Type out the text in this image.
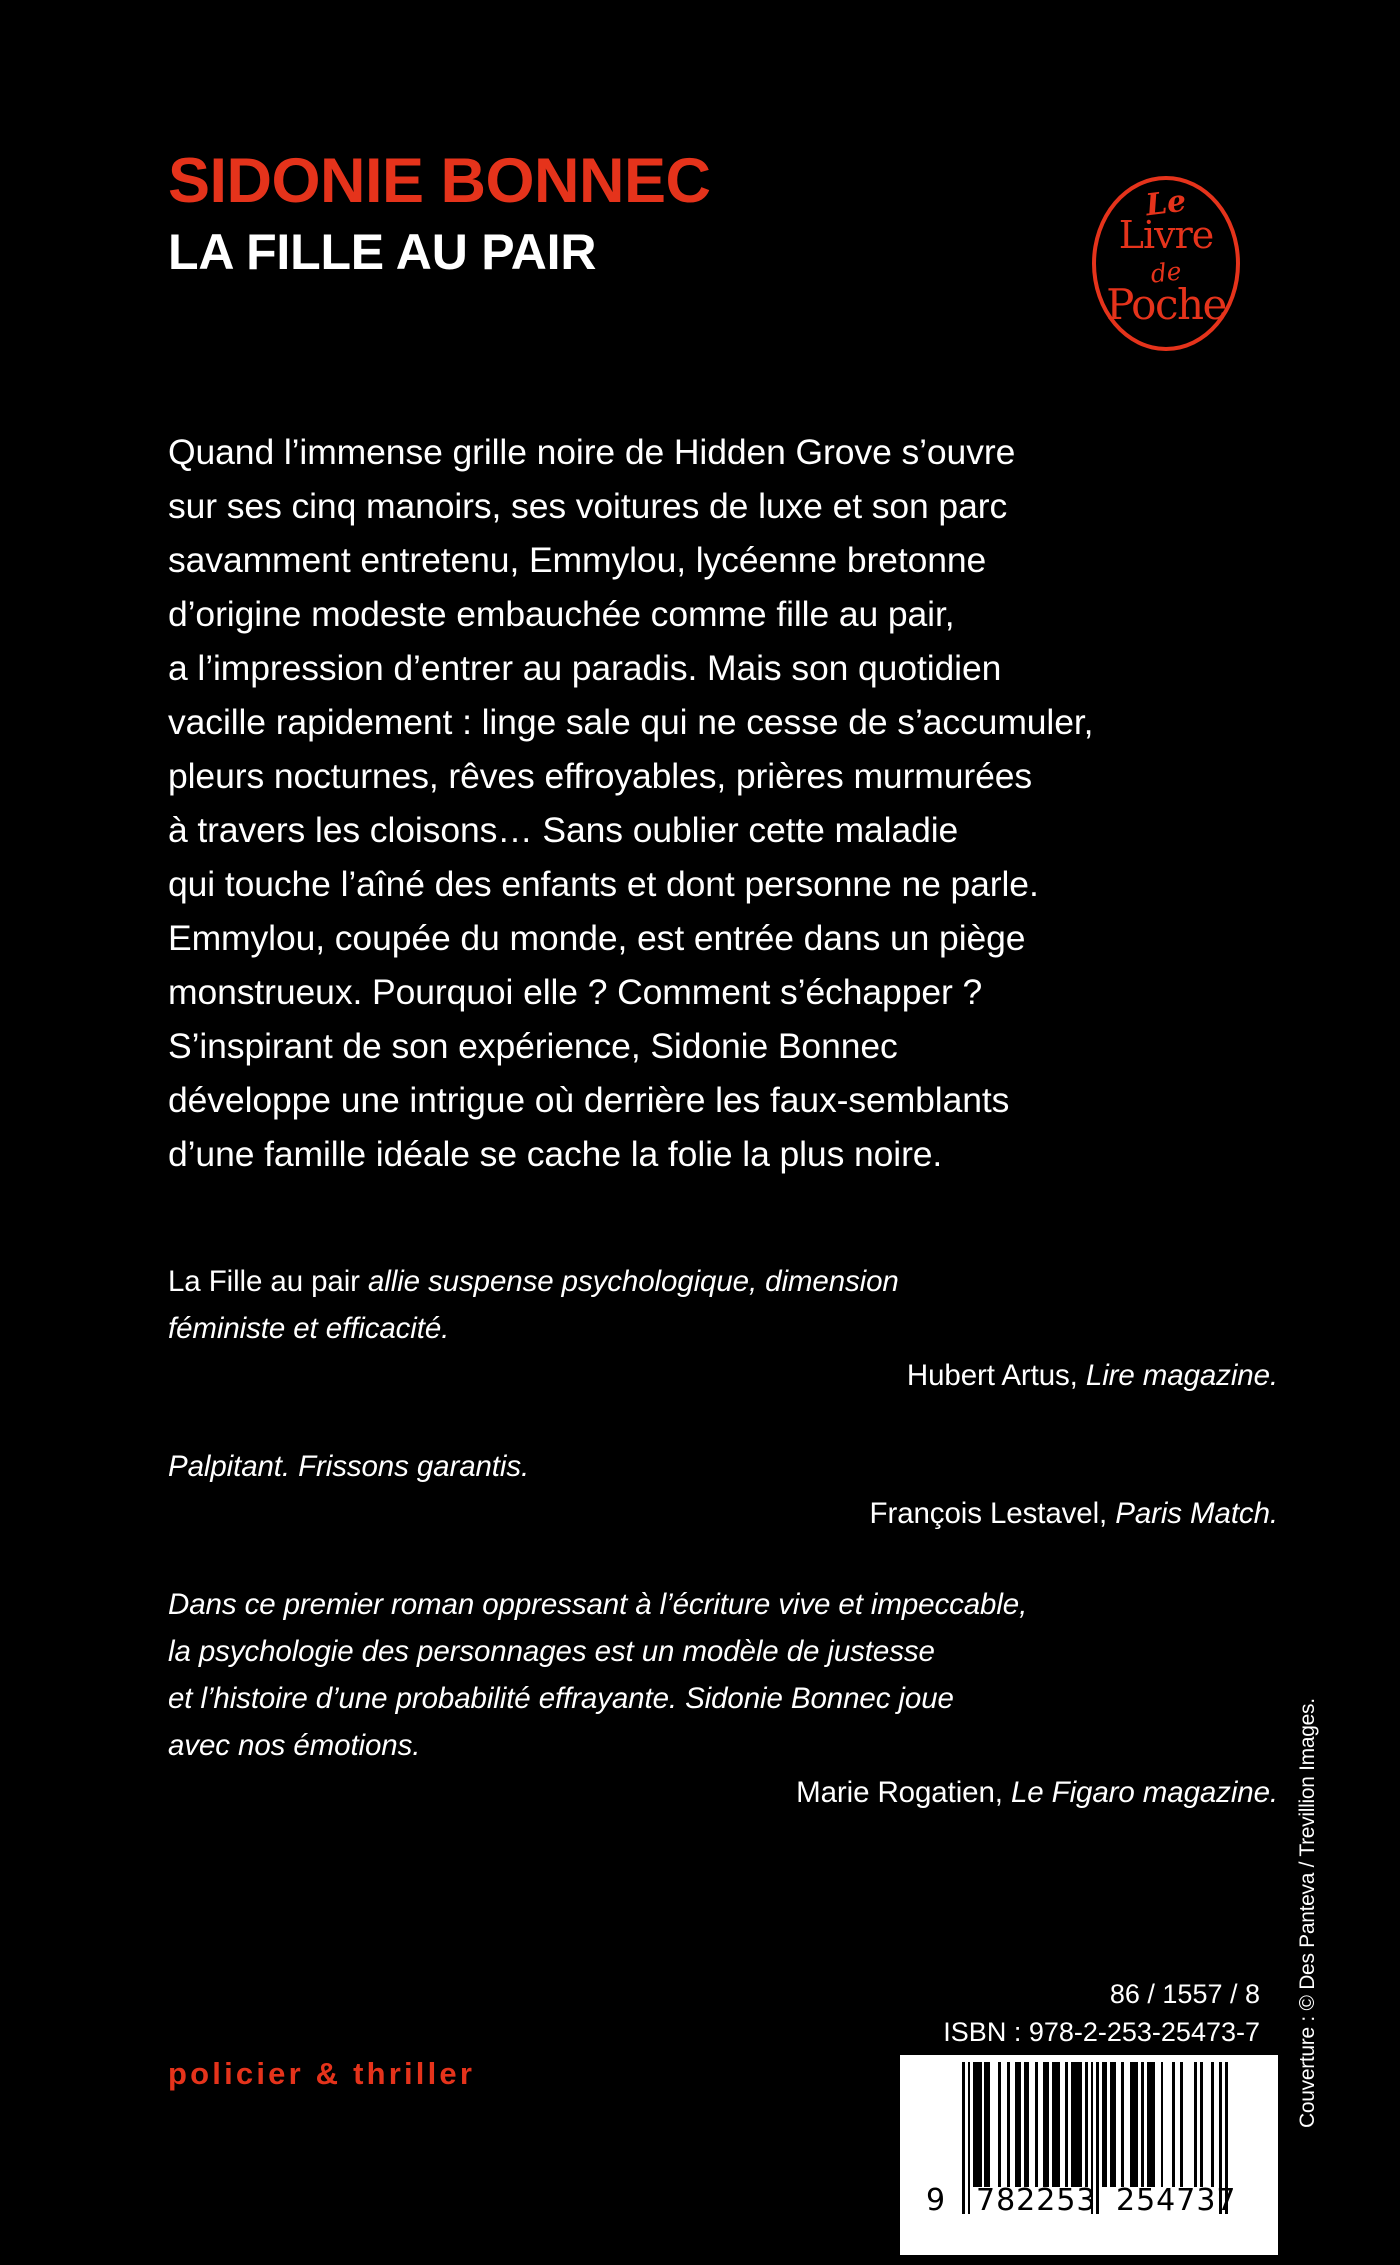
SIDONIE BONNEC
LA FILLE AU PAIR
Le
Livre
de
Poche
Quand l’immense grille noire de Hidden Grove s’ouvre
sur ses cinq manoirs, ses voitures de luxe et son parc
savamment entretenu, Emmylou, lycéenne bretonne
d’origine modeste embauchée comme fille au pair,
a l’impression d’entrer au paradis. Mais son quotidien
vacille rapidement : linge sale qui ne cesse de s’accumuler,
pleurs nocturnes, rêves effroyables, prières murmurées
à travers les cloisons… Sans oublier cette maladie
qui touche l’aîné des enfants et dont personne ne parle.
Emmylou, coupée du monde, est entrée dans un piège
monstrueux. Pourquoi elle ? Comment s’échapper ?
S’inspirant de son expérience, Sidonie Bonnec
développe une intrigue où derrière les faux-semblants
d’une famille idéale se cache la folie la plus noire.
La Fille au pair allie suspense psychologique, dimension
féministe et efficacité.
Hubert Artus, Lire magazine.
Palpitant. Frissons garantis.
François Lestavel, Paris Match.
Dans ce premier roman oppressant à l’écriture vive et impeccable,
la psychologie des personnages est un modèle de justesse
et l’histoire d’une probabilité effrayante. Sidonie Bonnec joue
avec nos émotions.
Marie Rogatien, Le Figaro magazine. Couverture : © Des Panteva / Trevillion Images.
policier & thriller
86 / 1557 / 8
ISBN : 978-2-253-25473-7
9 782253 254737
